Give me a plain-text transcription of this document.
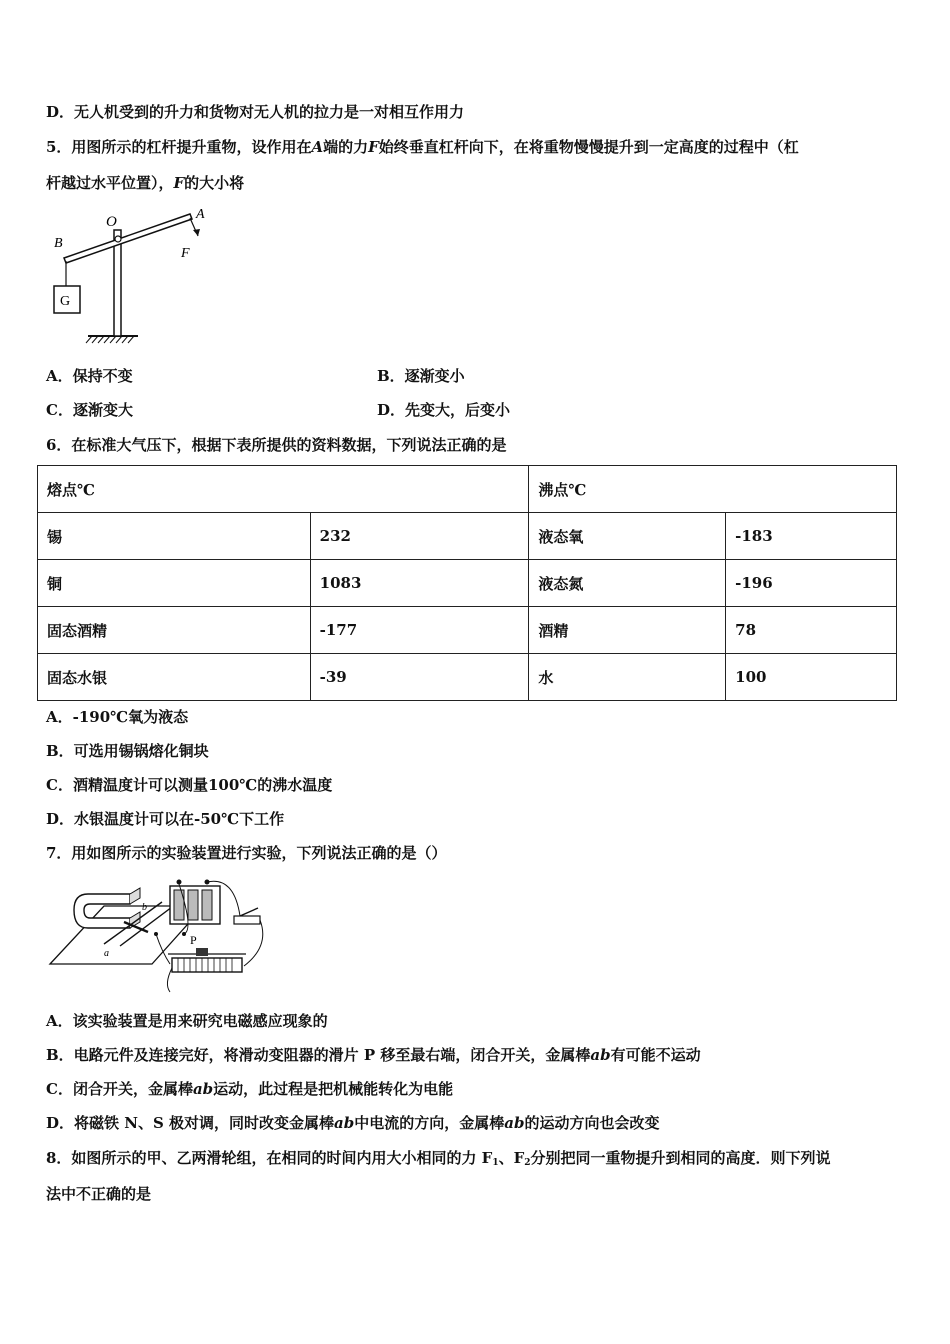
D．无人机受到的升力和货物对无人机的拉力是一对相互作用力
5．用图所示的杠杆提升重物，设作用在A端的力F始终垂直杠杆向下，在将重物慢慢提升到一定高度的过程中（杠
杆越过水平位置），F的大小将
O	A
B
F
G
A．保持不变	B．逐渐变小
C．逐渐变大	D．先变大，后变小
6．在标准大气压下，根据下表所提供的资料数据，下列说法正确的是
熔点℃		沸点℃	
锡	232	液态氧	-183
铜	1083	液态氮	-196
固态酒精	-177	酒精	78
固态水银	-39	水	100
A．-190℃氧为液态
B．可选用锡锅熔化铜块
C．酒精温度计可以测量100℃的沸水温度
D．水银温度计可以在-50℃下工作
7．用如图所示的实验装置进行实验，下列说法正确的是（）
b
a
P
A．该实验装置是用来研究电磁感应现象的
B．电路元件及连接完好，将滑动变阻器的滑片 P 移至最右端，闭合开关，金属棒ab有可能不运动
C．闭合开关，金属棒ab运动，此过程是把机械能转化为电能
D．将磁铁 N、S 极对调，同时改变金属棒ab中电流的方向，金属棒ab的运动方向也会改变
8．如图所示的甲、乙两滑轮组，在相同的时间内用大小相同的力 $F_1$、$F_2$分别把同一重物提升到相同的高度．则下列说
法中不正确的是
